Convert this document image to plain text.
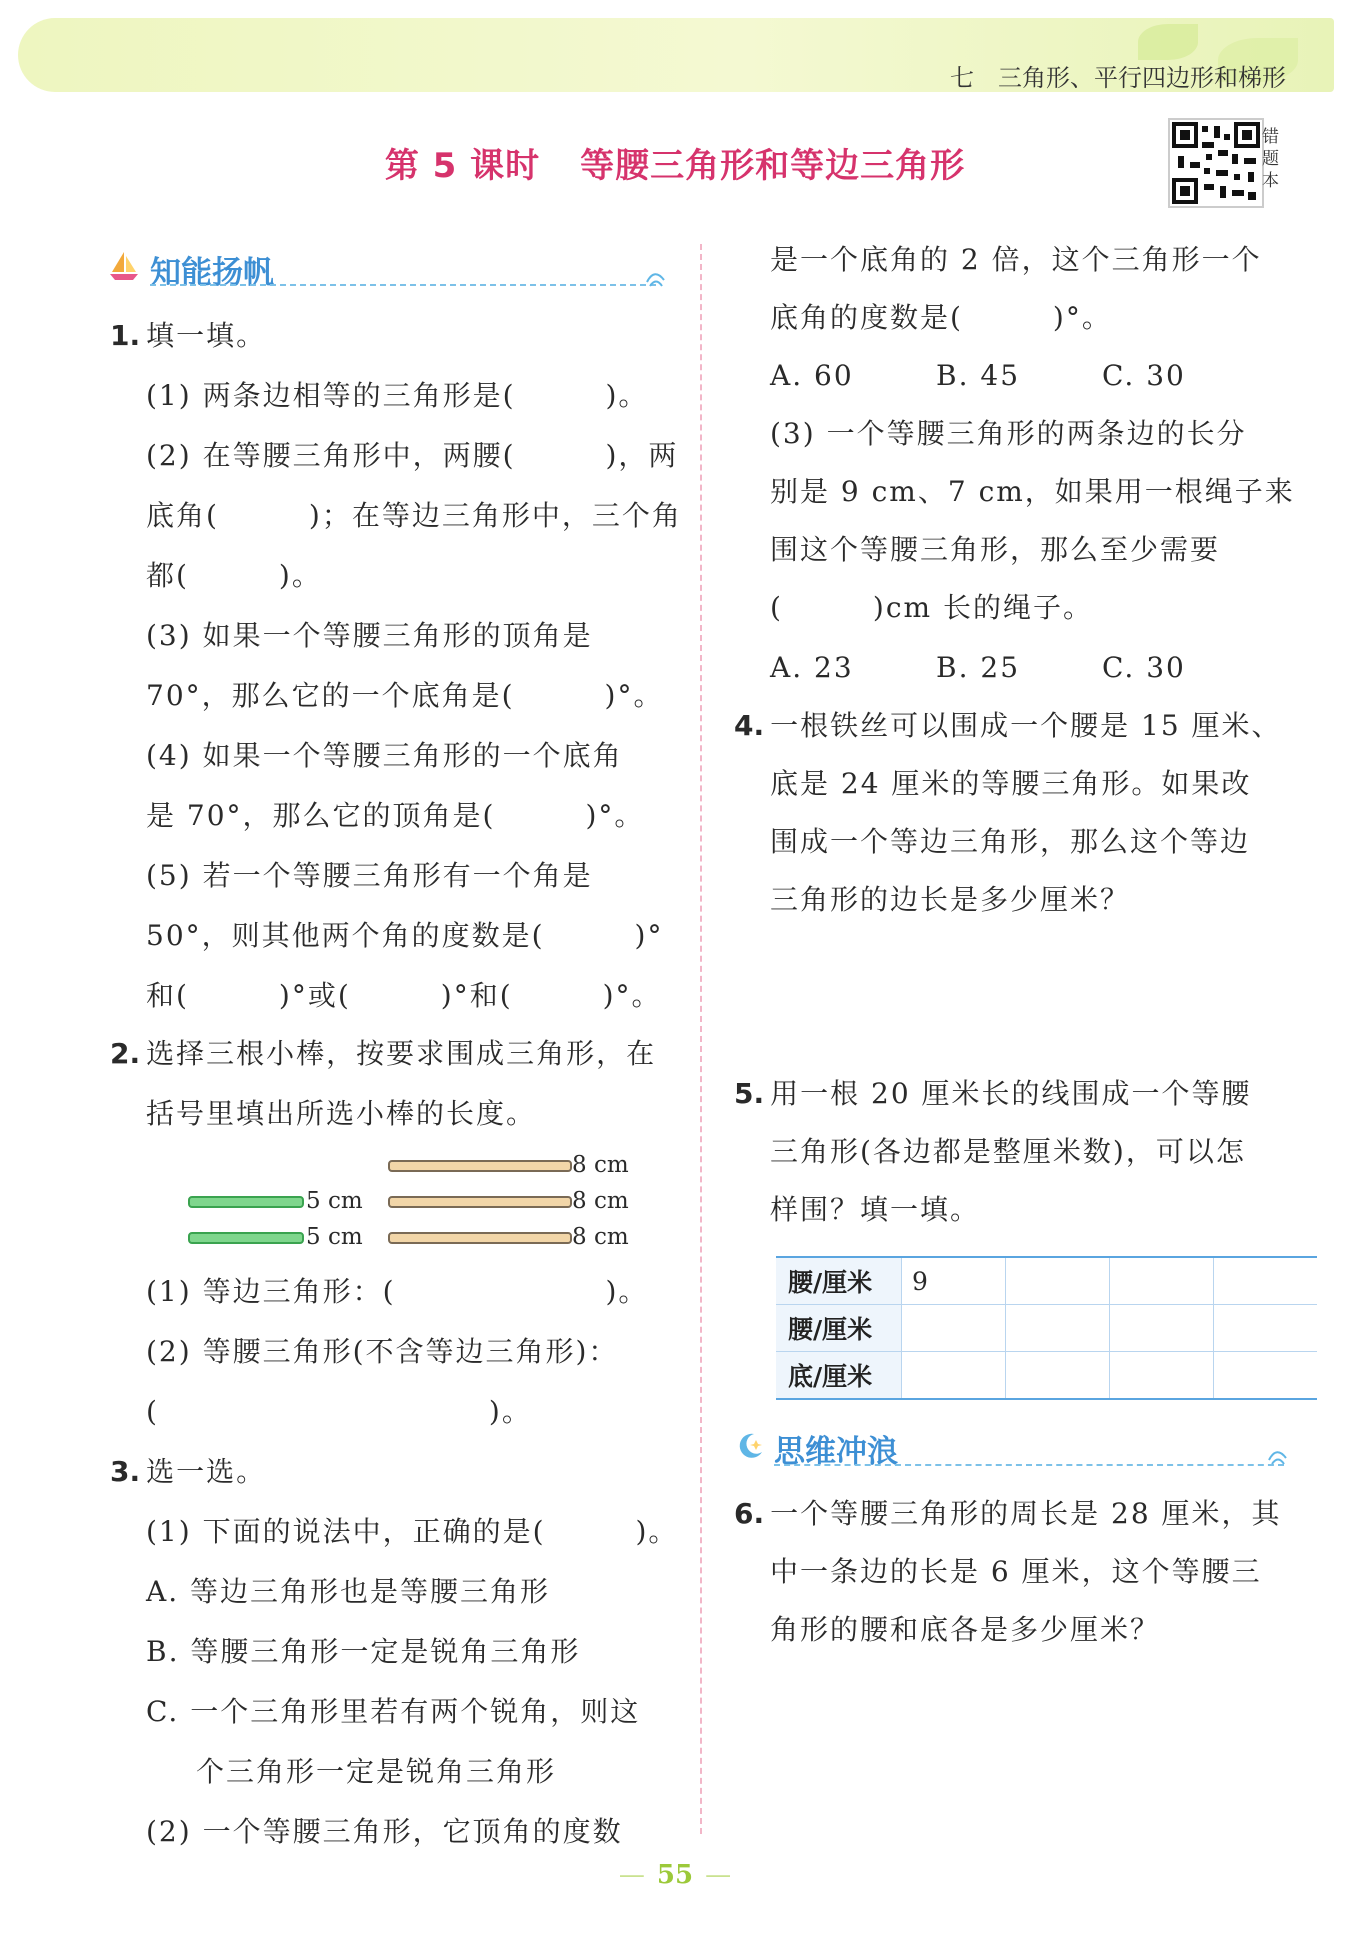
七　三角形、平行四边形和梯形
第 5 课时 等腰三角形和等边三角形
错题本
知能扬帆
1. 填一填。
(1) 两条边相等的三角形是(　　　)。
(2) 在等腰三角形中，两腰(　　　)，两
底角(　　　)；在等边三角形中，三个角
都(　　　)。
(3) 如果一个等腰三角形的顶角是
70°，那么它的一个底角是(　　　)°。
(4) 如果一个等腰三角形的一个底角
是 70°，那么它的顶角是(　　　)°。
(5) 若一个等腰三角形有一个角是
50°，则其他两个角的度数是(　　　)°
和(　　　)°或(　　　)°和(　　　)°。
2. 选择三根小棒，按要求围成三角形，在
括号里填出所选小棒的长度。
8 cm
5 cm	8 cm
5 cm	8 cm
(1) 等边三角形：(　　　　　　　)。
(2) 等腰三角形(不含等边三角形)：
(　　　　　　　　　　　)。
3. 选一选。
(1) 下面的说法中，正确的是(　　　)。
A. 等边三角形也是等腰三角形
B. 等腰三角形一定是锐角三角形
C. 一个三角形里若有两个锐角，则这
个三角形一定是锐角三角形
(2) 一个等腰三角形，它顶角的度数
是一个底角的 2 倍，这个三角形一个
底角的度数是(　　　)°。
A. 60	B. 45	C. 30
(3) 一个等腰三角形的两条边的长分
别是 9 cm、7 cm，如果用一根绳子来
围这个等腰三角形，那么至少需要
(　　　)cm 长的绳子。
A. 23	B. 25	C. 30
4. 一根铁丝可以围成一个腰是 15 厘米、
底是 24 厘米的等腰三角形。如果改
围成一个等边三角形，那么这个等边
三角形的边长是多少厘米？
5. 用一根 20 厘米长的线围成一个等腰
三角形(各边都是整厘米数)，可以怎
样围？填一填。
腰/厘米	9			
腰/厘米				
底/厘米				
思维冲浪
6. 一个等腰三角形的周长是 28 厘米，其
中一条边的长是 6 厘米，这个等腰三
角形的腰和底各是多少厘米？
— 55 —
